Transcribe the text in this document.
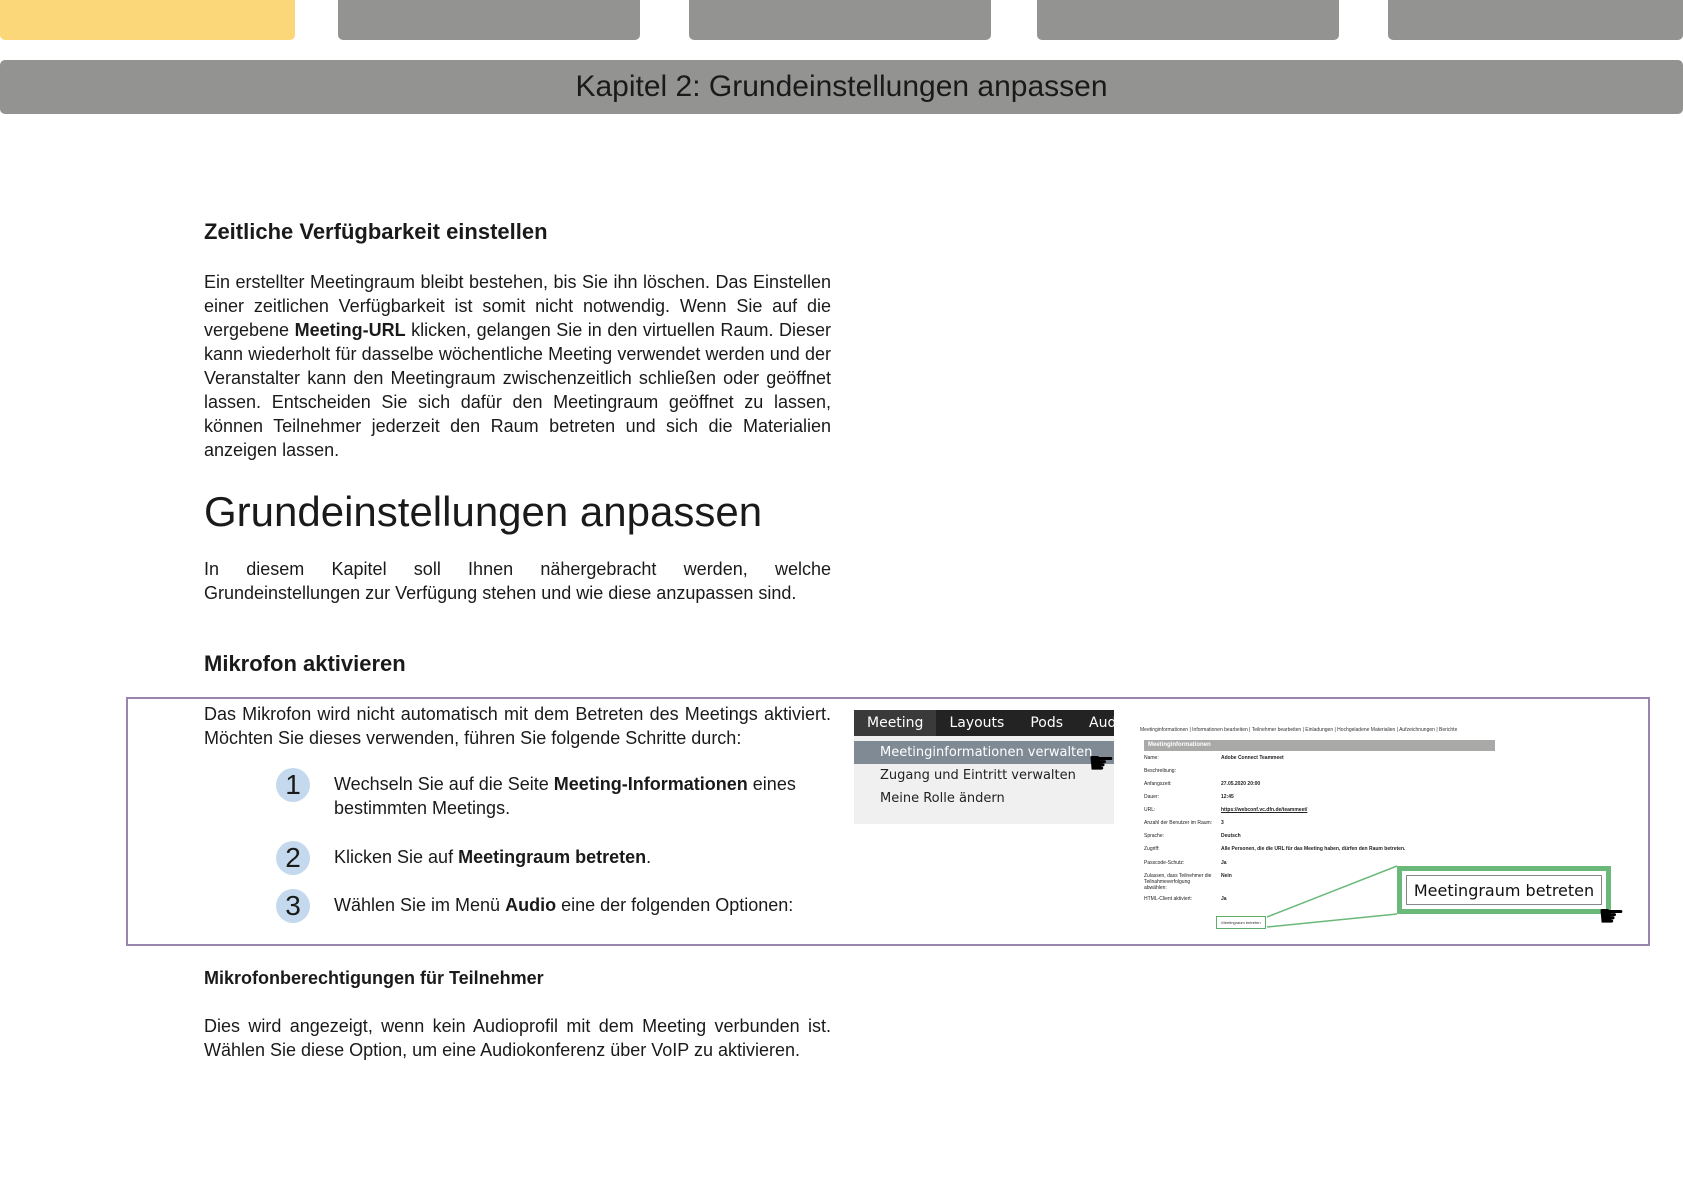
Kapitel 2: Grundeinstellungen anpassen
Zeitliche Verfügbarkeit einstellen

Ein erstellter Meetingraum bleibt bestehen, bis Sie ihn löschen. Das Einstellen einer zeitlichen Verfügbarkeit ist somit nicht notwendig. Wenn Sie auf die vergebene Meeting-URL klicken, gelangen Sie in den virtuellen Raum. Dieser kann wiederholt für dasselbe wöchentliche Meeting verwendet werden und der Veranstalter kann den Meetingraum zwischenzeitlich schließen oder geöffnet lassen. Entscheiden Sie sich dafür den Meetingraum geöffnet zu lassen, können Teilnehmer jederzeit den Raum betreten und sich die Materialien anzeigen lassen.

Grundeinstellungen anpassen

In diesem Kapitel soll Ihnen nähergebracht werden, welche Grundeinstellungen zur Verfügung stehen und wie diese anzupassen sind.

Mikrofon aktivieren

Das Mikrofon wird nicht automatisch mit dem Betreten des Meetings aktiviert. Möchten Sie dieses verwenden, führen Sie folgende Schritte durch:

1	Wechseln Sie auf die Seite Meeting-Informationen eines bestimmten Meetings.
2	Klicken Sie auf Meetingraum betreten.
3	Wählen Sie im Menü Audio eine der folgenden Optionen:
Meeting	Layouts	Pods	Audi
Meetinginformationen verwalten
Zugang und Eintritt verwalten
Meine Rolle ändern
☛
Meetinginformationen | Informationen bearbeiten | Teilnehmer bearbeiten | Einladungen | Hochgeladene Materialien | Aufzeichnungen | Berichte
Meetinginformationen
Name:	Adobe Connect Teammeet
Beschreibung:
Anfangszeit:	27.05.2020 20:00
Dauer:	12:45
URL:	https://webconf.vc.dfn.de/teammeet/
Anzahl der Benutzer im Raum:	3
Sprache:	Deutsch
Zugriff:	Alle Personen, die die URL für das Meeting haben, dürfen den Raum betreten.
Passcode-Schutz:	Ja
Zulassen, dass Teilnehmer die Teilnahmeverfolgung abwählen:
Nein
HTML-Client aktiviert:	Ja
Meetingraum betreten
Meetingraum betreten
☛
Mikrofonberechtigungen für Teilnehmer

Dies wird angezeigt, wenn kein Audioprofil mit dem Meeting verbunden ist. Wählen Sie diese Option, um eine Audiokonferenz über VoIP zu aktivieren.
